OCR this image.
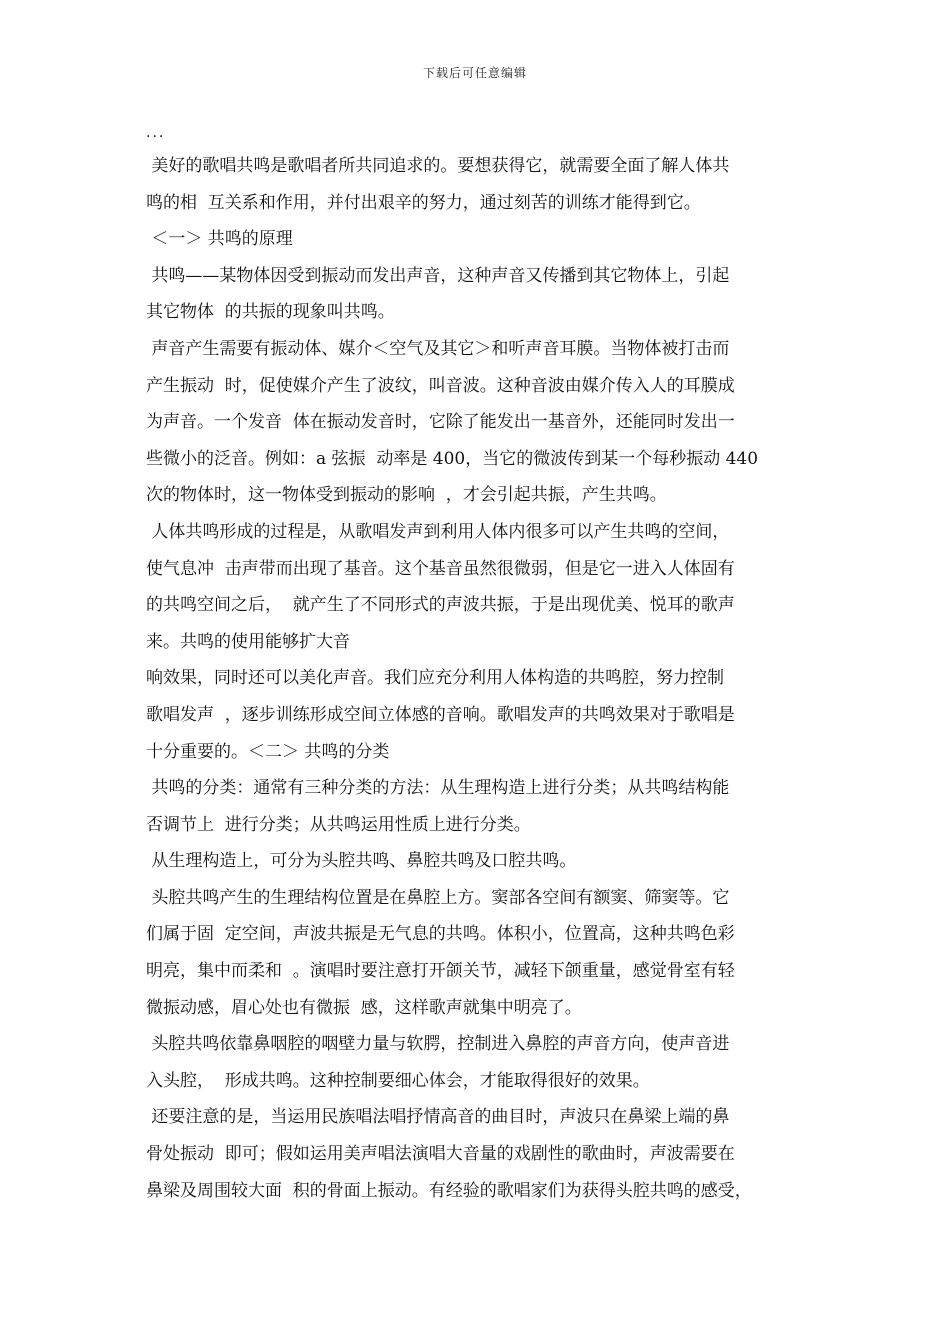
下载后可任意编辑
...
美好的歌唱共鸣是歌唱者所共同追求的。要想获得它，就需要全面了解人体共
鸣的相  互关系和作用，并付出艰辛的努力，通过刻苦的训练才能得到它。
＜一＞ 共鸣的原理
共鸣——某物体因受到振动而发出声音，这种声音又传播到其它物体上，引起
其它物体  的共振的现象叫共鸣。
声音产生需要有振动体、媒介＜空气及其它＞和听声音耳膜。当物体被打击而
产生振动  时，促使媒介产生了波纹，叫音波。这种音波由媒介传入人的耳膜成
为声音。一个发音  体在振动发音时，它除了能发出一基音外，还能同时发出一
些微小的泛音。例如：a 弦振  动率是 400，当它的微波传到某一个每秒振动 440
次的物体时，这一物体受到振动的影响  ，才会引起共振，产生共鸣。
人体共鸣形成的过程是，从歌唱发声到利用人体内很多可以产生共鸣的空间，
使气息冲  击声带而出现了基音。这个基音虽然很微弱，但是它一进入人体固有
的共鸣空间之后，  就产生了不同形式的声波共振，于是出现优美、悦耳的歌声
来。共鸣的使用能够扩大音
响效果，同时还可以美化声音。我们应充分利用人体构造的共鸣腔，努力控制
歌唱发声  ，逐步训练形成空间立体感的音响。歌唱发声的共鸣效果对于歌唱是
十分重要的。＜二＞ 共鸣的分类
共鸣的分类：通常有三种分类的方法：从生理构造上进行分类；从共鸣结构能
否调节上  进行分类；从共鸣运用性质上进行分类。
从生理构造上，可分为头腔共鸣、鼻腔共鸣及口腔共鸣。
头腔共鸣产生的生理结构位置是在鼻腔上方。窦部各空间有额窦、筛窦等。它
们属于固  定空间，声波共振是无气息的共鸣。体积小，位置高，这种共鸣色彩
明亮，集中而柔和  。演唱时要注意打开颌关节，减轻下颌重量，感觉骨室有轻
微振动感，眉心处也有微振  感，这样歌声就集中明亮了。
头腔共鸣依靠鼻咽腔的咽壁力量与软腭，控制进入鼻腔的声音方向，使声音进
入头腔，  形成共鸣。这种控制要细心体会，才能取得很好的效果。
还要注意的是，当运用民族唱法唱抒情高音的曲目时，声波只在鼻梁上端的鼻
骨处振动  即可；假如运用美声唱法演唱大音量的戏剧性的歌曲时，声波需要在
鼻梁及周围较大面  积的骨面上振动。有经验的歌唱家们为获得头腔共鸣的感受，
